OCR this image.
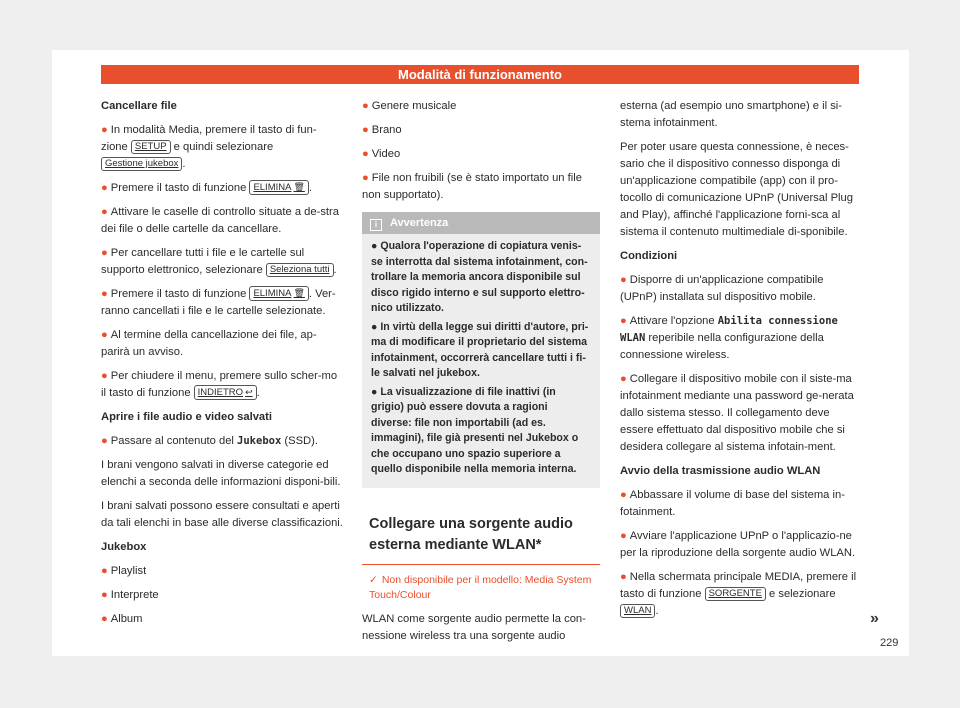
Modalità di funzionamento

Cancellare file

● In modalità Media, premere il tasto di fun-zione SETUP e quindi selezionare Gestione jukebox .

● Premere il tasto di funzione ELIMINA 🗑 .

● Attivare le caselle di controllo situate a de-stra dei file o delle cartelle da cancellare.

● Per cancellare tutti i file e le cartelle sul supporto elettronico, selezionare Seleziona tutti .

● Premere il tasto di funzione ELIMINA 🗑 . Ver-ranno cancellati i file e le cartelle selezionate.

● Al termine della cancellazione dei file, ap-parirà un avviso.

● Per chiudere il menu, premere sullo scher-mo il tasto di funzione INDIETRO ↩ .

Aprire i file audio e video salvati

● Passare al contenuto del Jukebox (SSD).

I brani vengono salvati in diverse categorie ed elenchi a seconda delle informazioni disponi-bili.

I brani salvati possono essere consultati e aperti da tali elenchi in base alle diverse classificazioni.

Jukebox

● Playlist

● Interprete

● Album

● Genere musicale

● Brano

● Video

● File non fruibili (se è stato importato un file non supportato).

i Avvertenza

● Qualora l'operazione di copiatura venis-se interrotta dal sistema infotainment, con-trollare la memoria ancora disponibile sul disco rigido interno e sul supporto elettro-nico utilizzato.

● In virtù della legge sui diritti d'autore, pri-ma di modificare il proprietario del sistema infotainment, occorrerà cancellare tutti i fi-le salvati nel jukebox.

● La visualizzazione di file inattivi (in grigio) può essere dovuta a ragioni diverse: file non importabili (ad es. immagini), file già presenti nel Jukebox o che occupano uno spazio superiore a quello disponibile nella memoria interna.

Collegare una sorgente audio esterna mediante WLAN*
✓ Non disponibile per il modello: Media System Touch/Colour

WLAN come sorgente audio permette la con-nessione wireless tra una sorgente audio

esterna (ad esempio uno smartphone) e il si-stema infotainment.

Per poter usare questa connessione, è neces-sario che il dispositivo connesso disponga di un'applicazione compatibile (app) con il pro-tocollo di comunicazione UPnP (Universal Plug and Play), affinché l'applicazione forni-sca al sistema il contenuto multimediale di-sponibile.

Condizioni

● Disporre di un'applicazione compatibile (UPnP) installata sul dispositivo mobile.

● Attivare l'opzione Abilita connessione WLAN reperibile nella configurazione della connessione wireless.

● Collegare il dispositivo mobile con il siste-ma infotainment mediante una password ge-nerata dallo sistema stesso. Il collegamento deve essere effettuato dal dispositivo mobile che si desidera collegare al sistema infotain-ment.

Avvio della trasmissione audio WLAN

● Abbassare il volume di base del sistema in-fotainment.

● Avviare l'applicazione UPnP o l'applicazio-ne per la riproduzione della sorgente audio WLAN.

● Nella schermata principale MEDIA, premere il tasto di funzione SORGENTE e selezionare WLAN .	»
229
